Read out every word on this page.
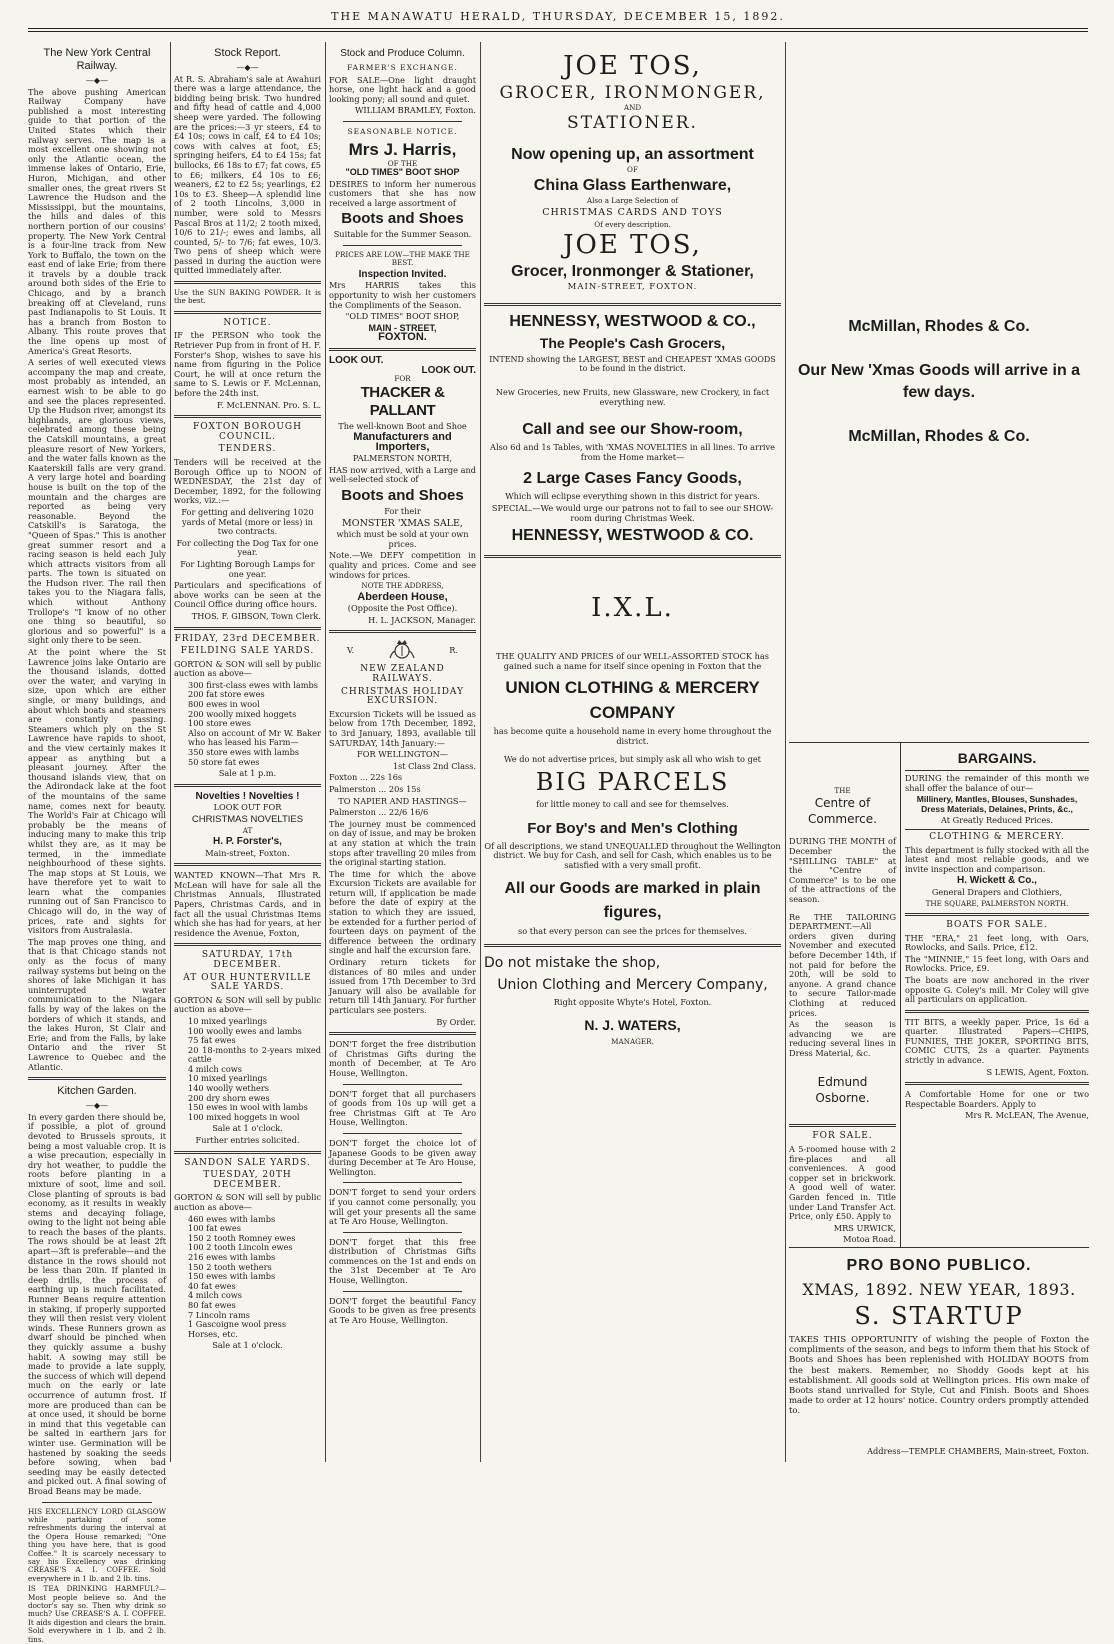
THE MANAWATU HERALD, THURSDAY, DECEMBER 15, 1892.
The New York Central Railway.
—◆—

The above pushing American Railway Company have published a most interesting guide to that portion of the United States which their railway serves. The map is a most excellent one showing not only the Atlantic ocean, the immense lakes of Ontario, Erie, Huron, Michigan, and other smaller ones, the great rivers St Lawrence the Hudson and the Mississippi, but the mountains, the hills and dales of this northern portion of our cousins' property. The New York Central is a four-line track from New York to Buffalo, the town on the east end of lake Erie; from there it travels by a double track around both sides of the Erie to Chicago, and by a branch breaking off at Cleveland, runs past Indianapolis to St Louis. It has a branch from Boston to Albany. This route proves that the line opens up most of America's Great Resorts.

A series of well executed views accompany the map and create, most probably as intended, an earnest wish to be able to go and see the places represented. Up the Hudson river, amongst its highlands, are glorious views, celebrated among these being the Catskill mountains, a great pleasure resort of New Yorkers, and the water falls known as the Kaaterskill falls are very grand. A very large hotel and boarding house is built on the top of the mountain and the charges are reported as being very reasonable. Beyond the Catskill's is Saratoga, the "Queen of Spas." This is another great summer resort and a racing season is held each July which attracts visitors from all parts. The town is situated on the Hudson river. The rail then takes you to the Niagara falls, which without Anthony Trollope's "I know of no other one thing so beautiful, so glorious and so powerful" is a sight only there to be seen.

At the point where the St Lawrence joins lake Ontario are the thousand islands, dotted over the water, and varying in size, upon which are either single, or many buildings, and about which boats and steamers are constantly passing. Steamers which ply on the St Lawrence have rapids to shoot, and the view certainly makes it appear as anything but a pleasant journey. After the thousand islands view, that on the Adirondack lake at the foot of the mountains of the same name, comes next for beauty. The World's Fair at Chicago will probably be the means of inducing many to make this trip whilst they are, as it may be termed, in the immediate neighbourhood of these sights. The map stops at St Louis, we have therefore yet to wait to learn what the companies running out of San Francisco to Chicago will do, in the way of prices, rate and sights for visitors from Australasia.

The map proves one thing, and that is that Chicago stands not only as the focus of many railway systems but being on the shores of lake Michigan it has uninterrupted water communication to the Niagara falls by way of the lakes on the borders of which it stands, and the lakes Huron, St Clair and Erie; and from the Falls, by lake Ontario and the river St Lawrence to Quebec and the Atlantic.

Kitchen Garden.
—◆—

In every garden there should be, if possible, a plot of ground devoted to Brussels sprouts, it being a most valuable crop. It is a wise precaution, especially in dry hot weather, to puddle the roots before planting in a mixture of soot, lime and soil. Close planting of sprouts is bad economy, as it results in weakly stems and decaying foliage, owing to the light not being able to reach the bases of the plants. The rows should be at least 2ft apart—3ft is preferable—and the distance in the rows should not be less than 20in. If planted in deep drills, the process of earthing up is much facilitated. Runner Beans require attention in staking, if properly supported they will then resist very violent winds. These Runners grown as dwarf should be pinched when they quickly assume a bushy habit. A sowing may still be made to provide a late supply, the success of which will depend much on the early or late occurrence of autumn frost. If more are produced than can be at once used, it should be borne in mind that this vegetable can be salted in earthern jars for winter use. Germination will be hastened by soaking the seeds before sowing, when bad seeding may be easily detected and picked out. A final sowing of Broad Beans may be made.

HIS EXCELLENCY LORD GLASGOW while partaking of some refreshments during the interval at the Opera House remarked; "One thing you have here, that is good Coffee." It is scarcely necessary to say his Excellency was drinking CREASE'S A. I. COFFEE. Sold everywhere in 1 lb. and 2 lb. tins.

IS TEA DRINKING HARMFUL?—Most people believe so. And the doctor's say so. Then why drink so much? Use CREASE'S A. I. COFFEE. It aids digestion and clears the brain. Sold everywhere in 1 lb. and 2 lb. tins.

Stock Report.
—◆—

At R. S. Abraham's sale at Awahuri there was a large attendance, the bidding being brisk. Two hundred and fifty head of cattle and 4,000 sheep were yarded. The following are the prices:—3 yr steers, £4 to £4 10s; cows in calf, £4 to £4 10s; cows with calves at foot, £5; springing heifers, £4 to £4 15s; fat bullocks, £6 18s to £7; fat cows, £5 to £6; milkers, £4 10s to £6; weaners, £2 to £2 5s; yearlings, £2 10s to £3. Sheep—A splendid line of 2 tooth Lincolns, 3,000 in number, were sold to Messrs Pascal Bros at 11/2; 2 tooth mixed, 10/6 to 21/-; ewes and lambs, all counted, 5/- to 7/6; fat ewes, 10/3. Two pens of sheep which were passed in during the auction were quitted immediately after.

Use the SUN BAKING POWDER. It is the best.

NOTICE.

IF the PERSON who took the Retriever Pup from in front of H. F. Forster's Shop, wishes to save his name from figuring in the Police Court, he will at once return the same to S. Lewis or F. McLennan, before the 24th inst.

F. McLENNAN. Pro. S. L.

FOXTON BOROUGH COUNCIL.
TENDERS.

Tenders will be received at the Borough Office up to NOON of WEDNESDAY, the 21st day of December, 1892, for the following works, viz.:—

For getting and delivering 1020 yards of Metal (more or less) in two contracts.

For collecting the Dog Tax for one year.

For Lighting Borough Lamps for one year.

Particulars and specifications of above works can be seen at the Council Office during office hours.

THOS. F. GIBSON, Town Clerk.

FRIDAY, 23rd DECEMBER.
FEILDING SALE YARDS.

GORTON & SON will sell by public auction as above—

300 first-class ewes with lambs
200 fat store ewes
800 ewes in wool
200 woolly mixed hoggets
100 store ewes
Also on account of Mr W. Baker who has leased his Farm—
350 store ewes with lambs
50 store fat ewes

Sale at 1 p.m.

Novelties ! Novelties !

LOOK OUT FOR

CHRISTMAS NOVELTIES

AT

H. P. Forster's,

Main-street, Foxton.

WANTED KNOWN—That Mrs R. McLean will have for sale all the Christmas Annuals, Illustrated Papers, Christmas Cards, and in fact all the usual Christmas Items which she has had for years, at her residence the Avenue, Foxton,

SATURDAY, 17th DECEMBER.
AT OUR HUNTERVILLE SALE YARDS.

GORTON & SON will sell by public auction as above—

10 mixed yearlings
100 woolly ewes and lambs
75 fat ewes
20 18-months to 2-years mixed cattle
4 milch cows
10 mixed yearlings
140 woolly wethers
200 dry shorn ewes
150 ewes in wool with lambs
100 mixed hoggets in wool

Sale at 1 o'clock.

Further entries solicited.

SANDON SALE YARDS.
TUESDAY, 20TH DECEMBER.

GORTON & SON will sell by public auction as above—

460 ewes with lambs
100 fat ewes
150 2 tooth Romney ewes
100 2 tooth Lincoln ewes
216 ewes with lambs
150 2 tooth wethers
150 ewes with lambs
40 fat ewes
4 milch cows
80 fat ewes
7 Lincoln rams
1 Gascoigne wool press
Horses, etc.

Sale at 1 o'clock.

Stock and Produce Column.
FARMER'S EXCHANGE.

FOR SALE—One light draught horse, one light hack and a good looking pony; all sound and quiet.

WILLIAM BRAMLEY, Foxton.

SEASONABLE NOTICE.
Mrs J. Harris,
OF THE
"OLD TIMES" BOOT SHOP

DESIRES to inform her numerous customers that she has now received a large assortment of

Boots and Shoes

Suitable for the Summer Season.

PRICES ARE LOW—THE MAKE THE BEST.

Inspection Invited.

Mrs HARRIS takes this opportunity to wish her customers the Compliments of the Season.

"OLD TIMES" BOOT SHOP,

MAIN - STREET,
FOXTON.
LOOK OUT.
LOOK OUT.
FOR
THACKER & PALLANT

The well-known Boot and Shoe

Manufacturers and Importers,

PALMERSTON NORTH,

HAS now arrived, with a Large and well-selected stock of

Boots and Shoes

For their

MONSTER 'XMAS SALE,

which must be sold at your own prices.

Note.—We DEFY competition in quality and prices. Come and see windows for prices.

NOTE THE ADDRESS,

Aberdeen House,

(Opposite the Post Office).

H. L. JACKSON, Manager.

V.	R.
NEW ZEALAND RAILWAYS.
CHRISTMAS HOLIDAY EXCURSION.

Excursion Tickets will be issued as below from 17th December, 1892, to 3rd January, 1893, available till SATURDAY, 14th January:—

FOR WELLINGTON—

1st Class 2nd Class.

Foxton ... 22s 16s

Palmerston ... 20s 15s

TO NAPIER AND HASTINGS—

Palmerston ... 22/6 16/6

The journey must be commenced on day of issue, and may be broken at any station at which the train stops after travelling 20 miles from the original starting station.

The time for which the above Excursion Tickets are available for return will, if application be made before the date of expiry at the station to which they are issued, be extended for a further period of fourteen days on payment of the difference between the ordinary single and half the excursion fare.

Ordinary return tickets for distances of 80 miles and under issued from 17th December to 3rd January will also be available for return till 14th January. For further particulars see posters.

By Order.

DON'T forget the free distribution of Christmas Gifts during the month of December, at Te Aro House, Wellington.

DON'T forget that all purchasers of goods from 10s up will get a free Christmas Gift at Te Aro House, Wellington.

DON'T forget the choice lot of Japanese Goods to be given away during December at Te Aro House, Wellington.

DON'T forget to send your orders if you cannot come personally, you will get your presents all the same at Te Aro House, Wellington.

DON'T forget that this free distribution of Christmas Gifts commences on the 1st and ends on the 31st December at Te Aro House, Wellington.

DON'T forget the beautiful Fancy Goods to be given as free presents at Te Aro House, Wellington.

JOE TOS,
GROCER, IRONMONGER,
AND
STATIONER.
Now opening up, an assortment
OF
China Glass Earthenware,
Also a Large Selection of
CHRISTMAS CARDS AND TOYS
Of every description.
JOE TOS,
Grocer, Ironmonger & Stationer,
MAIN-STREET, FOXTON.
HENNESSY, WESTWOOD & CO.,
The People's Cash Grocers,

INTEND showing the LARGEST, BEST and CHEAPEST 'XMAS GOODS to be found in the district.

New Groceries, new Fruits, new Glassware, new Crockery, in fact everything new.

Call and see our Show-room,

Also 6d and 1s Tables, with 'XMAS NOVELTIES in all lines. To arrive from the Home market—

2 Large Cases Fancy Goods,

Which will eclipse everything shown in this district for years.

SPECIAL.—We would urge our patrons not to fail to see our SHOW-room during Christmas Week.

HENNESSY, WESTWOOD & CO.
I.X.L.

THE QUALITY AND PRICES of our WELL-ASSORTED STOCK has gained such a name for itself since opening in Foxton that the

UNION CLOTHING & MERCERY COMPANY

has become quite a household name in every home throughout the district.

We do not advertise prices, but simply ask all who wish to get

BIG PARCELS

for little money to call and see for themselves.

For Boy's and Men's Clothing

Of all descriptions, we stand UNEQUALLED throughout the Wellington district. We buy for Cash, and sell for Cash, which enables us to be satisfied with a very small profit.

All our Goods are marked in plain figures,

so that every person can see the prices for themselves.

Do not mistake the shop,
Union Clothing and Mercery Company,

Right opposite Whyte's Hotel, Foxton.

N. J. WATERS,

MANAGER.

McMillan, Rhodes & Co.
Our New 'Xmas Goods will arrive in a few days.
McMillan, Rhodes & Co.
THE
Centre of Commerce.

DURING THE MONTH of December the "SHILLING TABLE" at the "Centre of Commerce" is to be one of the attractions of the season.

Re THE TAILORING DEPARTMENT.—All orders given during November and executed before December 14th, if not paid for before the 20th, will be sold to anyone. A grand chance to secure Tailor-made Clothing at reduced prices.

As the season is advancing we are reducing several lines in Dress Material, &c.

Edmund Osborne.
FOR SALE.

A 5-roomed house with 2 fire-places and all conveniences. A good copper set in brickwork. A good well of water. Garden fenced in. Title under Land Transfer Act. Price, only £50. Apply to

MRS URWICK,

Motoa Road.

BARGAINS.

DURING the remainder of this month we shall offer the balance of our—

Millinery, Mantles, Blouses, Sunshades, Dress Materials, Delaines, Prints, &c.,

At Greatly Reduced Prices.

CLOTHING & MERCERY.

This department is fully stocked with all the latest and most reliable goods, and we invite inspection and comparison.

H. Wickett & Co.,

General Drapers and Clothiers,

THE SQUARE, PALMERSTON NORTH.

BOATS FOR SALE.

THE "ERA," 21 feet long, with Oars, Rowlocks, and Sails. Price, £12.

The "MINNIE," 15 feet long, with Oars and Rowlocks. Price, £9.

The boats are now anchored in the river opposite G. Coley's mill. Mr Coley will give all particulars on application.

TIT BITS, a weekly paper. Price, 1s 6d a quarter. Illustrated Papers—CHIPS, FUNNIES, THE JOKER, SPORTING BITS, COMIC CUTS, 2s a quarter. Payments strictly in advance.

S LEWIS, Agent, Foxton.

A Comfortable Home for one or two Respectable Boarders. Apply to

Mrs R. McLEAN, The Avenue,

PRO BONO PUBLICO.
XMAS, 1892. NEW YEAR, 1893.
S. STARTUP

TAKES THIS OPPORTUNITY of wishing the people of Foxton the compliments of the season, and begs to inform them that his Stock of Boots and Shoes has been replenished with HOLIDAY BOOTS from the best makers. Remember, no Shoddy Goods kept at his establishment. All goods sold at Wellington prices. His own make of Boots stand unrivalled for Style, Cut and Finish. Boots and Shoes made to order at 12 hours' notice. Country orders promptly attended to.

Address—TEMPLE CHAMBERS, Main-street, Foxton.
